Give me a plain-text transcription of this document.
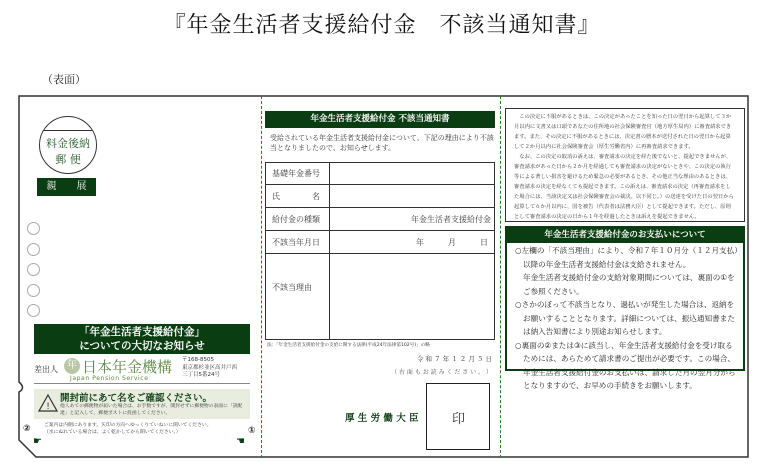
『年金生活者支援給付金　不該当通知書』
（表面）
料金後納
郵 便
親　　展
「年金生活者支援給付金」
についての大切なお知らせ
差出人 年 日本年金機構
Japan Pension Service
〒168-8505
東京都杉並区高井戸西
三丁目5番24号
!
開封前にあて名をご確認ください。
他人あての郵便物が届いた場合は、お手数ですが、開封せずに郵便物の表面に「誤配達」と記入して、郵便ポストに投函してください。
ご案内は内側にあります。矢印の方向へゆっくりていねいに開いてください。
（水にぬれている場合は、よく乾かしてから開いてください。）
②
☛
①
☚
年金生活者支援給付金 不該当通知書
受給されている年金生活者支援給付金について、下記の理由により不該当となりましたので、お知らせします。
基礎年金番号	
氏　　　　名	
給付金の種類	年金生活者支援給付金
不該当年月日	年　　　月　　　日
不該当理由	
法：「年金生活者支援給付金の支給に関する法律(平成24年法律第102号)」の略
令 和 ７ 年 １ ２ 月 ５ 日
（ 右 面 も お 読 み く だ さ い 。 ）
厚 生 労 働 大 臣	印
　この決定に不服があるときは、この決定があったことを知った日の翌日から起算して３か月以内に文書又は口頭であなたの住所地の社会保険審査官（地方厚生局内）に審査請求できます。また、その決定に不服があるときには、決定書の謄本が送付された日の翌日から起算して２か月以内に社会保険審査会（厚生労働省内）に再審査請求できます。
　なお、この決定の取消の訴えは、審査請求の決定を経た後でないと、提起できませんが、審査請求があった日から２か月を経過しても審査請求の決定がないときや、この決定の執行等による著しい損害を避けるため緊急の必要があるとき、その他正当な理由のあるときは、審査請求の決定を経なくても提起できます。この訴えは、審査請求の決定（再審査請求をした場合には、当該決定又は社会保険審査会の裁決。以下同じ。）の送達を受けた日の翌日から起算して６か月以内に、国を被告（代表者は法務大臣）として提起できます。ただし、原則として審査請求の決定の日から１年を経過したときは訴えを提起できません。
年金生活者支援給付金のお支払いについて

○左欄の「不該当理由」により、令和７年１０月分（１２月支払）以降の年金生活者支援給付金は支給されません。

年金生活者支援給付金の支給対象期間については、裏面の①をご参照ください。

○さかのぼって不該当となり、過払いが発生した場合は、返納をお願いすることとなります。詳細については、振込通知書または納入告知書により別途お知らせします。

○裏面の②または③に該当し、年金生活者支援給付金を受け取るためには、あらためて請求書のご提出が必要です。この場合、年金生活者支援給付金のお支払いは、請求した月の翌月分からとなりますので、お早めの手続きをお願いします。
